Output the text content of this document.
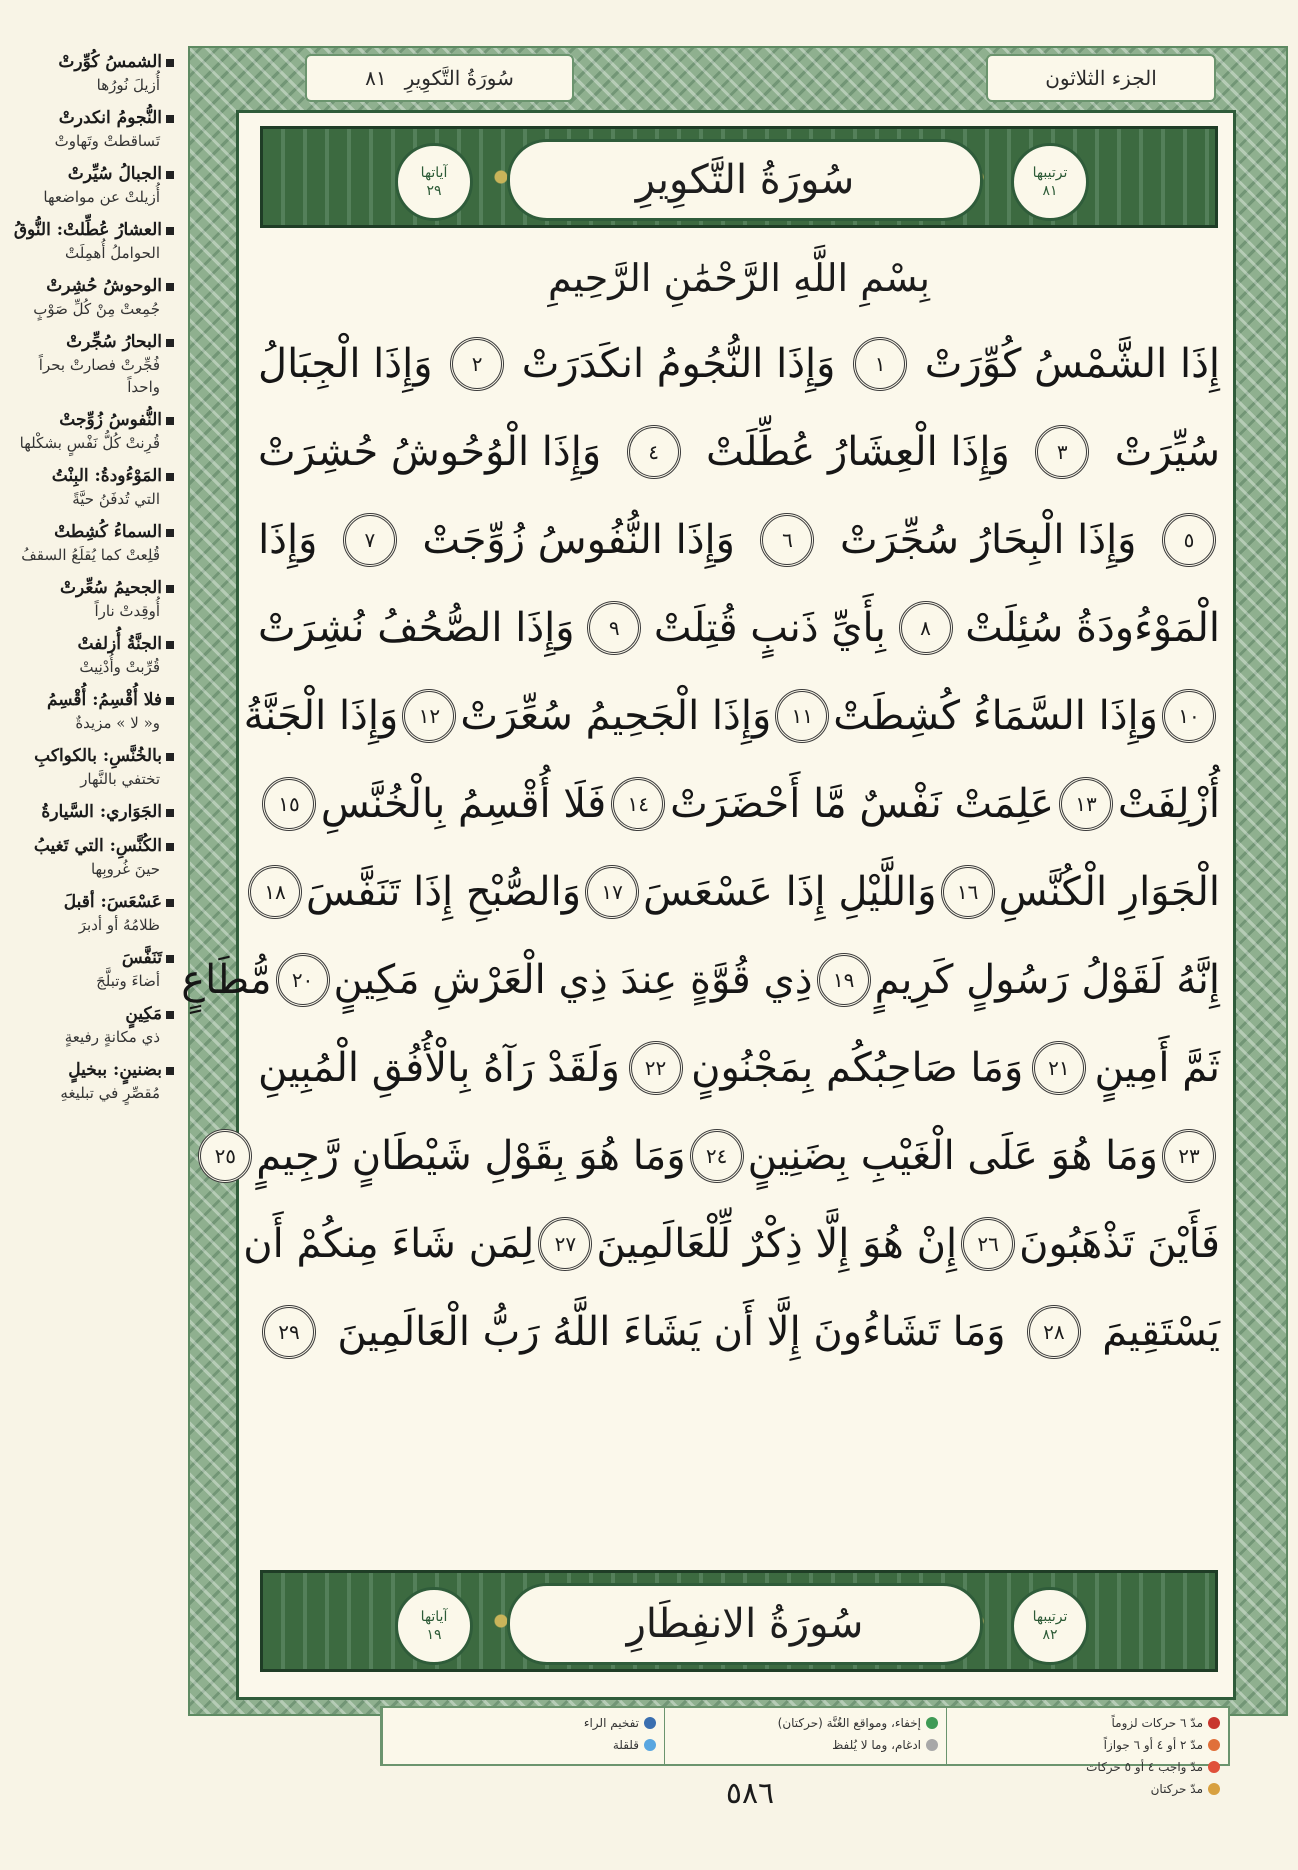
الشمسُ كُوِّرتْ
أُزيلَ نُورُها
النُّجومُ انكدرتْ
تَساقطتْ وتَهاوتْ
الجبالُ سُيِّرتْ
أُزيلتْ عن مواضعها
العشارُ عُطِّلتْ: النُّوقُ
الحواملُ أُهمِلَتْ
الوحوشُ حُشِرتْ
جُمِعتْ مِنْ كُلِّ صَوْبٍ
البحارُ سُجِّرتْ
فُجِّرتْ فصارتْ بحراً واحداً
النُّفوسُ زُوِّجتْ
قُرِنتْ كُلُّ نَفْسٍ بشكْلها
المَوْءُودةُ: البِنْتُ
التي تُدفَنُ حيَّةً
السماءُ كُشِطتْ
قُلِعتْ كما يُقلَعُ السقفُ
الجحيمُ سُعِّرتْ
أُوقِدتْ ناراً
الجنَّةُ أُزلفتْ
قُرِّبتْ وأُدْنِيتْ
فلا أُقْسِمُ: أُقْسِمُ
و« لا » مزيدةٌ
بالخُنَّسِ: بالكواكبِ
تختفي بالنَّهار
الجَوَاري: السَّيارةُ
الكُنَّسِ: التي تَغيبُ
حينَ غُروبِها
عَسْعَسَ: أقبلَ
ظلامُهُ أو أدبرَ
تَنَفَّسَ
أضاءَ وتبلَّجَ
مَكِينٍ
ذي مكانةٍ رفيعةٍ
بضنينٍ: ببخيلٍ
مُقصِّرٍ في تبليغهِ
سُورَةُ التَّكوِيرِ
٨١	الجزء الثلاثون
آياتها
٢٩	سُورَةُ التَّكوِيرِ	ترتيبها
٨١
بِسْمِ اللَّهِ الرَّحْمَٰنِ الرَّحِيمِ
إِذَا الشَّمْسُ كُوِّرَتْ
١
وَإِذَا النُّجُومُ انكَدَرَتْ
٢
وَإِذَا الْجِبَالُ
سُيِّرَتْ
٣
وَإِذَا الْعِشَارُ عُطِّلَتْ
٤
وَإِذَا الْوُحُوشُ حُشِرَتْ
٥
وَإِذَا الْبِحَارُ سُجِّرَتْ
٦
وَإِذَا النُّفُوسُ زُوِّجَتْ
٧
وَإِذَا
الْمَوْءُودَةُ سُئِلَتْ
٨
بِأَيِّ ذَنبٍ قُتِلَتْ
٩
وَإِذَا الصُّحُفُ نُشِرَتْ
١٠
وَإِذَا السَّمَاءُ كُشِطَتْ
١١
وَإِذَا الْجَحِيمُ سُعِّرَتْ
١٢
وَإِذَا الْجَنَّةُ
أُزْلِفَتْ
١٣
عَلِمَتْ نَفْسٌ مَّا أَحْضَرَتْ
١٤
فَلَا أُقْسِمُ بِالْخُنَّسِ
١٥
الْجَوَارِ الْكُنَّسِ
١٦
وَاللَّيْلِ إِذَا عَسْعَسَ
١٧
وَالصُّبْحِ إِذَا تَنَفَّسَ
١٨
إِنَّهُ لَقَوْلُ رَسُولٍ كَرِيمٍ
١٩
ذِي قُوَّةٍ عِندَ ذِي الْعَرْشِ مَكِينٍ
٢٠
مُّطَاعٍ
ثَمَّ أَمِينٍ
٢١
وَمَا صَاحِبُكُم بِمَجْنُونٍ
٢٢
وَلَقَدْ رَآهُ بِالْأُفُقِ الْمُبِينِ
٢٣
وَمَا هُوَ عَلَى الْغَيْبِ بِضَنِينٍ
٢٤
وَمَا هُوَ بِقَوْلِ شَيْطَانٍ رَّجِيمٍ
٢٥
فَأَيْنَ تَذْهَبُونَ
٢٦
إِنْ هُوَ إِلَّا ذِكْرٌ لِّلْعَالَمِينَ
٢٧
لِمَن شَاءَ مِنكُمْ أَن
يَسْتَقِيمَ
٢٨
وَمَا تَشَاءُونَ إِلَّا أَن يَشَاءَ اللَّهُ رَبُّ الْعَالَمِينَ
٢٩
آياتها
١٩	سُورَةُ الانفِطَارِ	ترتيبها
٨٢
مدّ ٦ حركات لزوماً
مدّ ٢ أو ٤ أو ٦ جوازاً
مدّ واجب ٤ أو ٥ حركات
مدّ حركتان
إخفاء، ومواقع الغُنَّة (حركتان)
ادغام، وما لا يُلفظ
تفخيم الراء
قلقلة
٥٨٦
